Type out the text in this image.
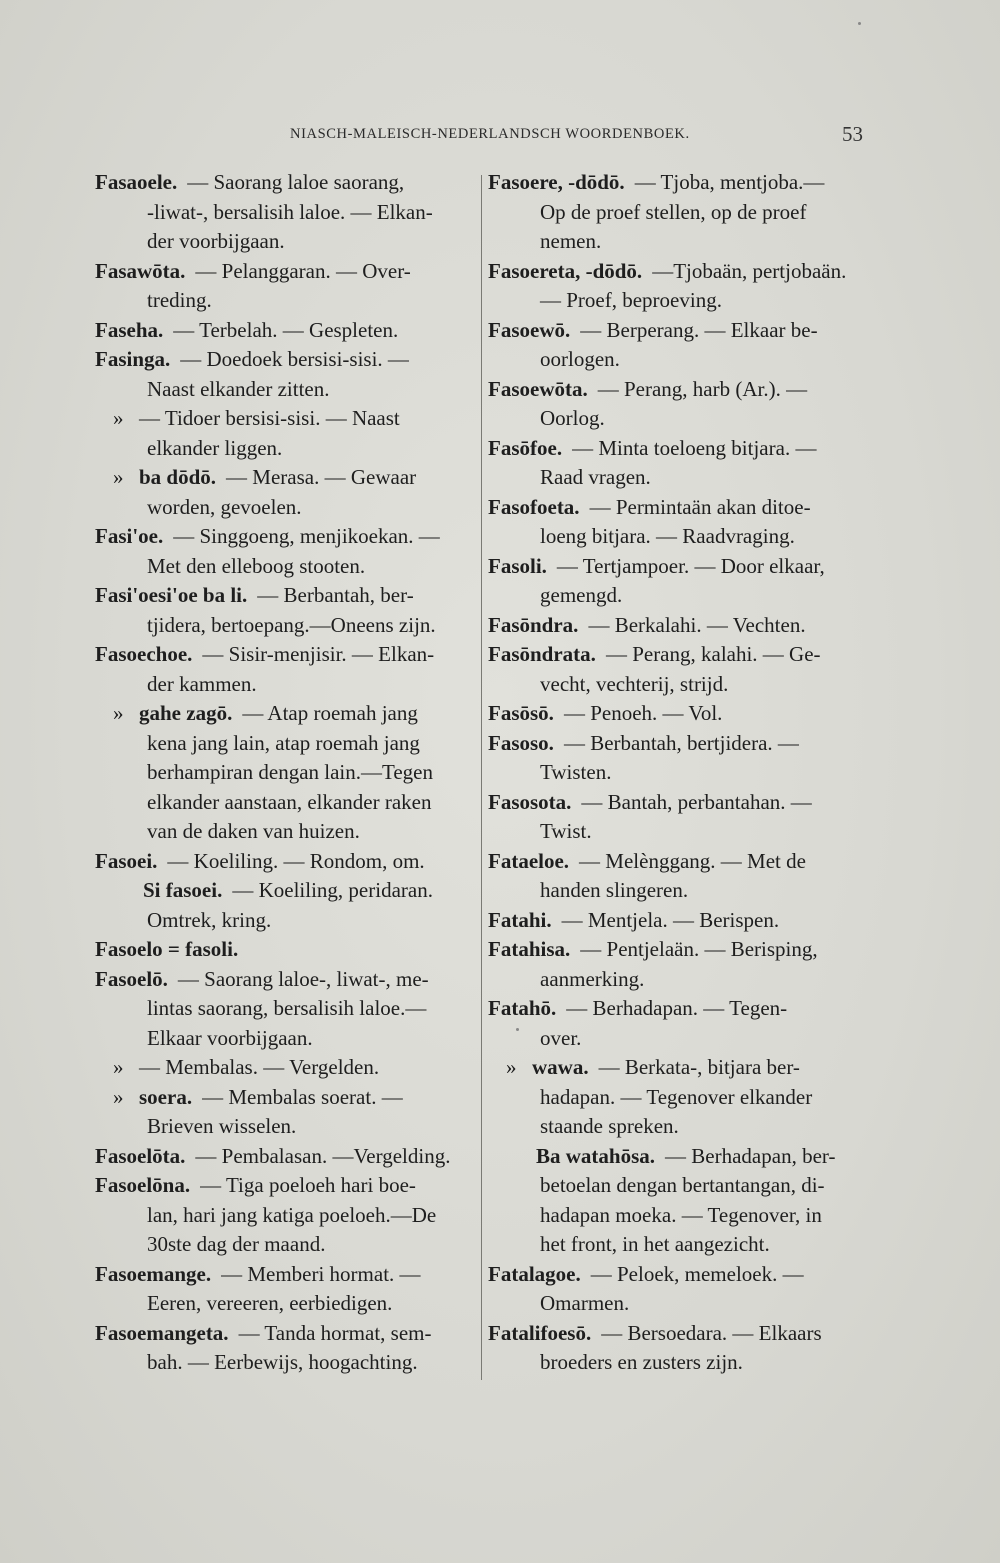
NIASCH-MALEISCH-NEDERLANDSCH WOORDENBOEK.	53
Fasaoele. — Saorang laloe saorang,
-liwat-, bersalisih laloe. — Elkan-
der voorbijgaan.
Fasawōta. — Pelanggaran. — Over-
treding.
Faseha. — Terbelah. — Gespleten.
Fasinga. — Doedoek bersisi-sisi. —
Naast elkander zitten.
» — Tidoer bersisi-sisi. — Naast
elkander liggen.
» ba dōdō. — Merasa. — Gewaar
worden, gevoelen.
Fasi'oe. — Singgoeng, menjikoekan. —
Met den elleboog stooten.
Fasi'oesi'oe ba li. — Berbantah, ber-
tjidera, bertoepang.—Oneens zijn.
Fasoechoe. — Sisir-menjisir. — Elkan-
der kammen.
» gahe zagō. — Atap roemah jang
kena jang lain, atap roemah jang
berhampiran dengan lain.—Tegen
elkander aanstaan, elkander raken
van de daken van huizen.
Fasoei. — Koeliling. — Rondom, om.
Si fasoei. — Koeliling, peridaran.
Omtrek, kring.
Fasoelo = fasoli.
Fasoelō. — Saorang laloe-, liwat-, me-
lintas saorang, bersalisih laloe.—
Elkaar voorbijgaan.
» — Membalas. — Vergelden.
» soera. — Membalas soerat. —
Brieven wisselen.
Fasoelōta. — Pembalasan. —Vergelding.
Fasoelōna. — Tiga poeloeh hari boe-
lan, hari jang katiga poeloeh.—De
30ste dag der maand.
Fasoemange. — Memberi hormat. —
Eeren, vereeren, eerbiedigen.
Fasoemangeta. — Tanda hormat, sem-
bah. — Eerbewijs, hoogachting.
Fasoere, -dōdō. — Tjoba, mentjoba.—
Op de proef stellen, op de proef
nemen.
Fasoereta, -dōdō. —Tjobaän, pertjobaän.
— Proef, beproeving.
Fasoewō. — Berperang. — Elkaar be-
oorlogen.
Fasoewōta. — Perang, harb (Ar.). —
Oorlog.
Fasōfoe. — Minta toeloeng bitjara. —
Raad vragen.
Fasofoeta. — Permintaän akan ditoe-
loeng bitjara. — Raadvraging.
Fasoli. — Tertjampoer. — Door elkaar,
gemengd.
Fasōndra. — Berkalahi. — Vechten.
Fasōndrata. — Perang, kalahi. — Ge-
vecht, vechterij, strijd.
Fasōsō. — Penoeh. — Vol.
Fasoso. — Berbantah, bertjidera. —
Twisten.
Fasosota. — Bantah, perbantahan. —
Twist.
Fataeloe. — Melènggang. — Met de
handen slingeren.
Fatahi. — Mentjela. — Berispen.
Fatahisa. — Pentjelaän. — Berisping,
aanmerking.
Fatahō. — Berhadapan. — Tegen-
over.
» wawa. — Berkata-, bitjara ber-
hadapan. — Tegenover elkander
staande spreken.
Ba watahōsa. — Berhadapan, ber-
betoelan dengan bertantangan, di-
hadapan moeka. — Tegenover, in
het front, in het aangezicht.
Fatalagoe. — Peloek, memeloek. —
Omarmen.
Fatalifoesō. — Bersoedara. — Elkaars
broeders en zusters zijn.
